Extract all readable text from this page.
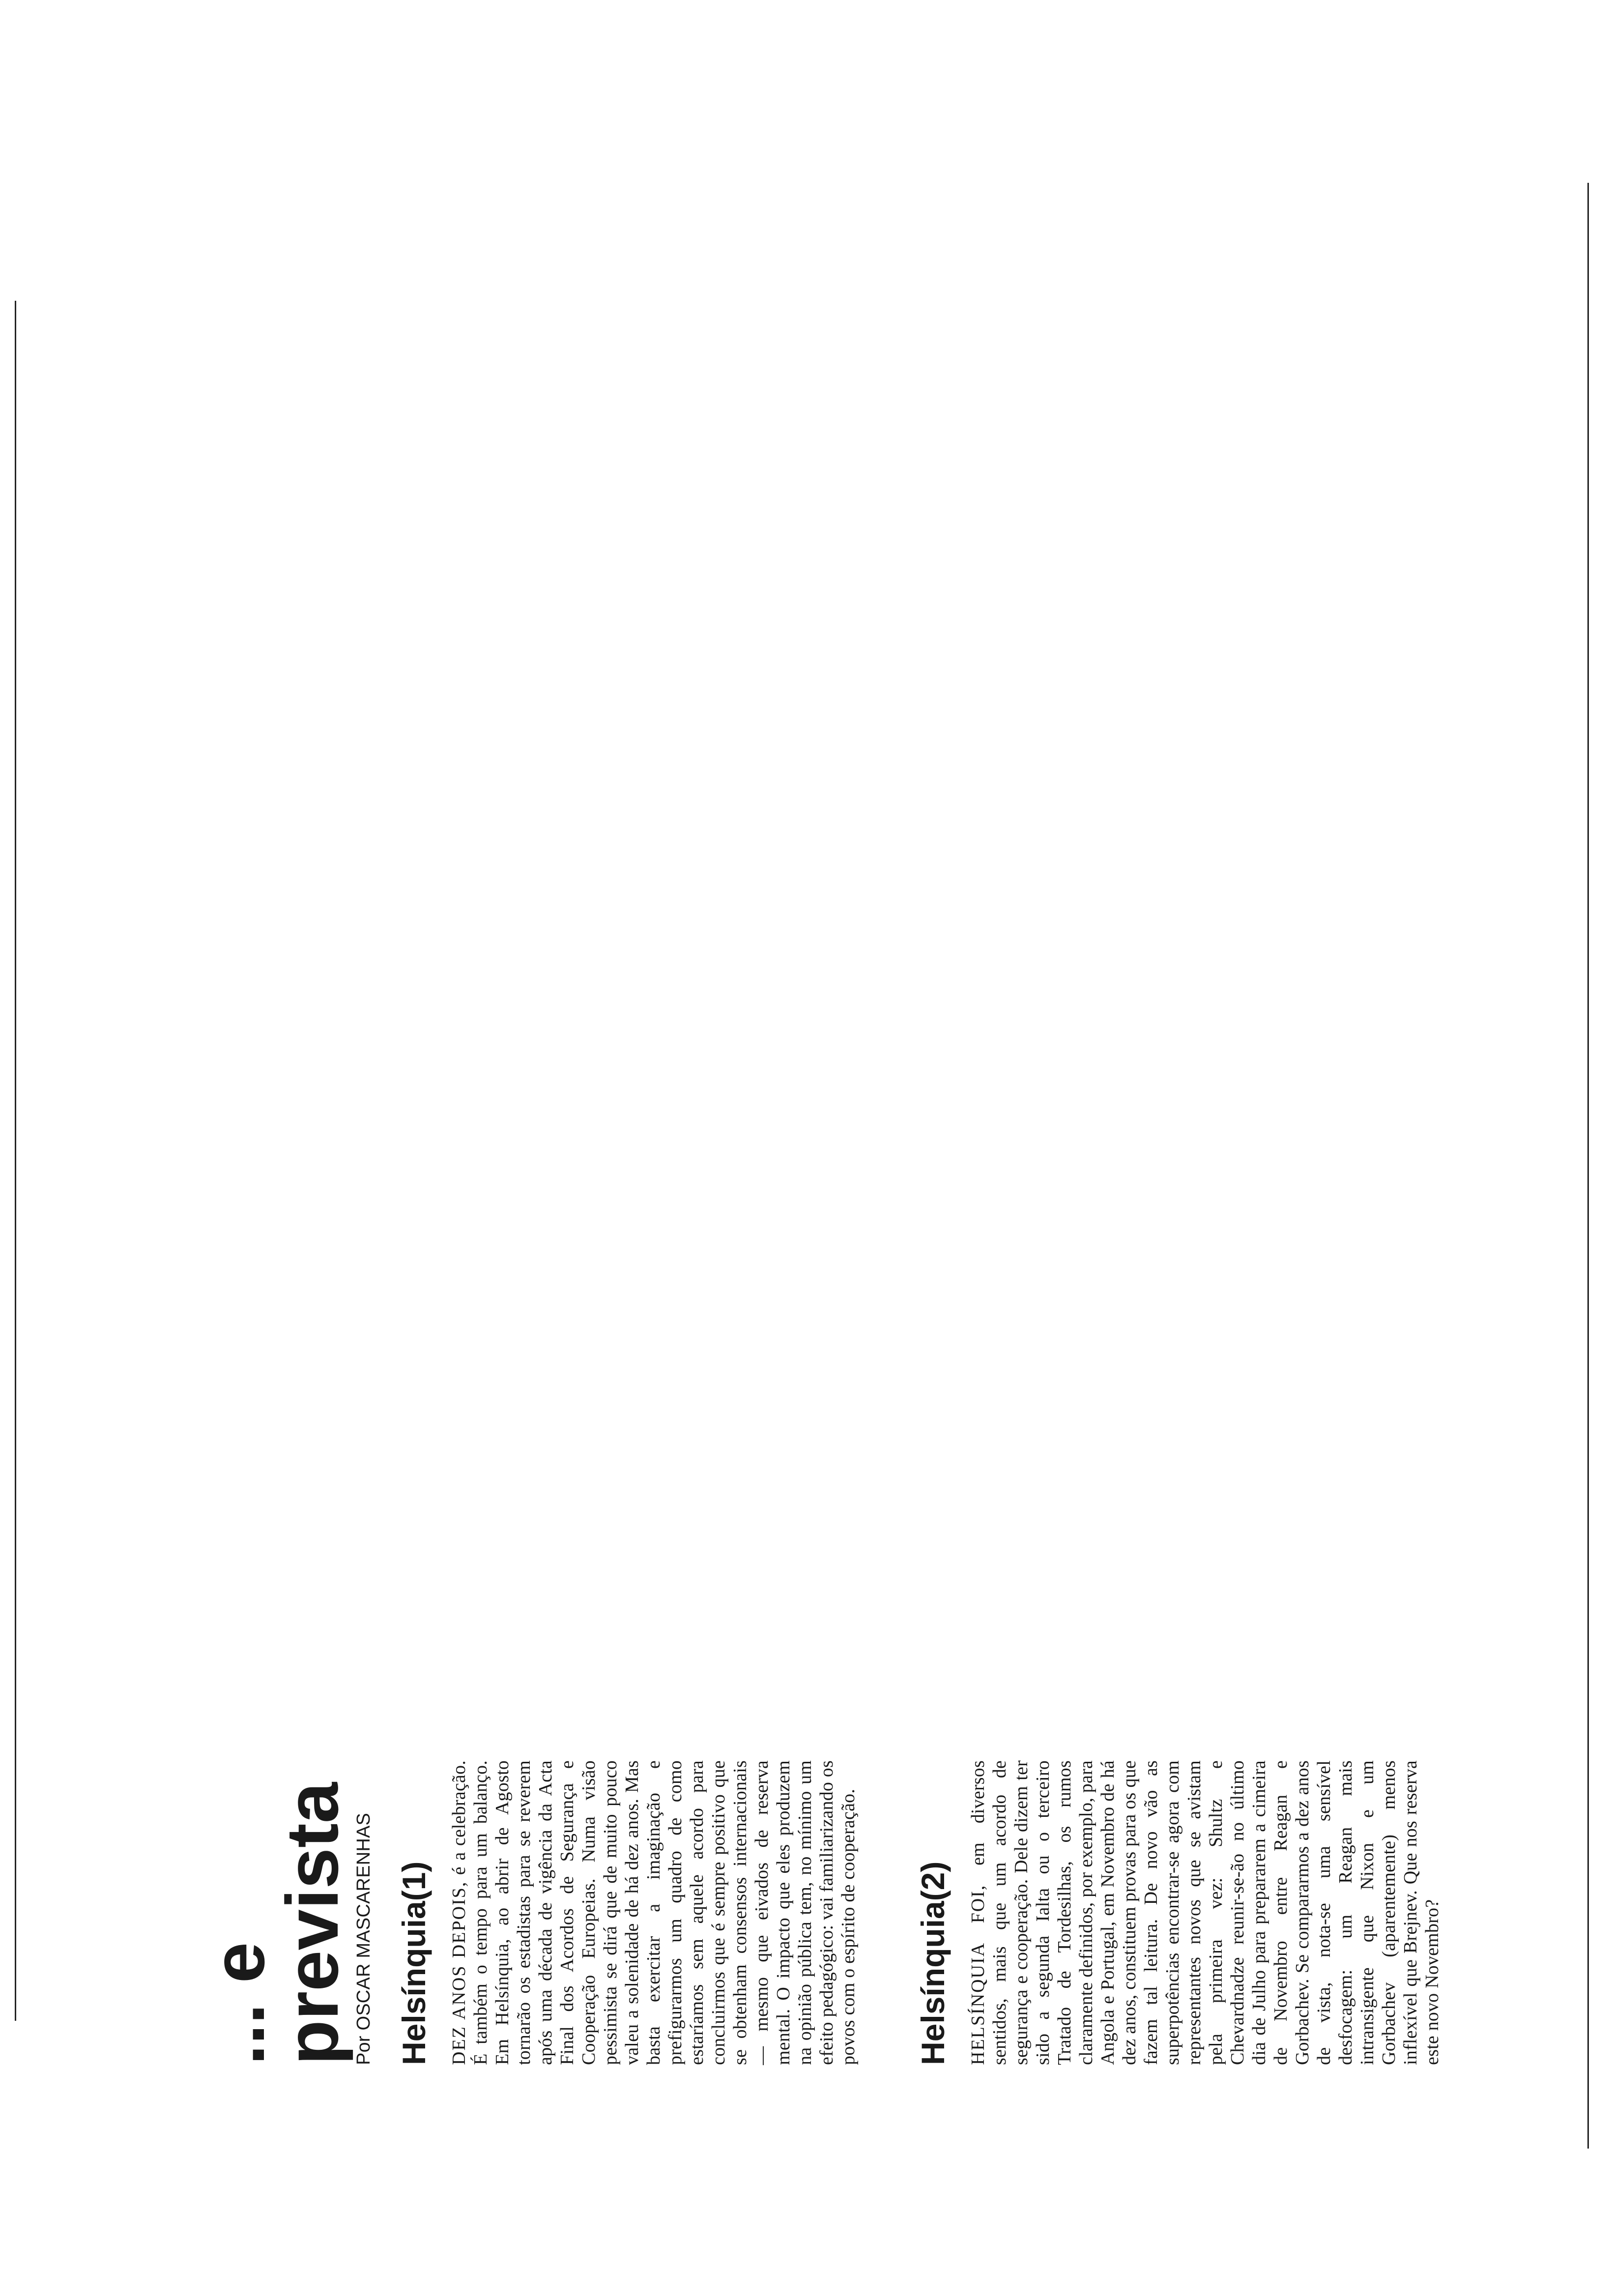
... e prevista Por OSCAR MASCARENHAS Helsínquia(1) DEZ ANOS DEPOIS, é a celebração. É também o tempo para um balanço. Em Helsínquia, ao abrir de Agosto tornarão os estadistas para se reverem após uma década de vigência da Acta Final dos Acordos de Segurança e Cooperação Europeias. Numa visão pessimista se dirá que de muito pouco valeu a solenidade de há dez anos. Mas basta exercitar a imaginação e prefigurarmos um quadro de como estaríamos sem aquele acordo para concluirmos que é sempre positivo que se obtenham consensos internacionais — mesmo que eivados de reserva mental. O impacto que eles produzem na opinião pública tem, no mínimo um efeito pedagógico: vai familiarizando os povos com o espírito de cooperação. Helsínquia(2) HELSÍNQUIA FOI, em diversos sentidos, mais que um acordo de segurança e cooperação. Dele dizem ter sido a segunda Ialta ou o terceiro Tratado de Tordesilhas, os rumos claramente definidos, por exemplo, para Angola e Portugal, em Novembro de há dez anos, constituem provas para os que fazem tal leitura. De novo vão as superpotências encontrar-se agora com representantes novos que se avistam pela primeira vez: Shultz e Chevardnadze reunir-se-ão no último dia de Julho para prepararem a cimeira de Novembro entre Reagan e Gorbachev. Se compararmos a dez anos de vista, nota-se uma sensível desfocagem: um Reagan mais intransigente que Nixon e um Gorbachev (aparentemente) menos inflexível que Brejnev. Que nos reserva este novo Novembro?
